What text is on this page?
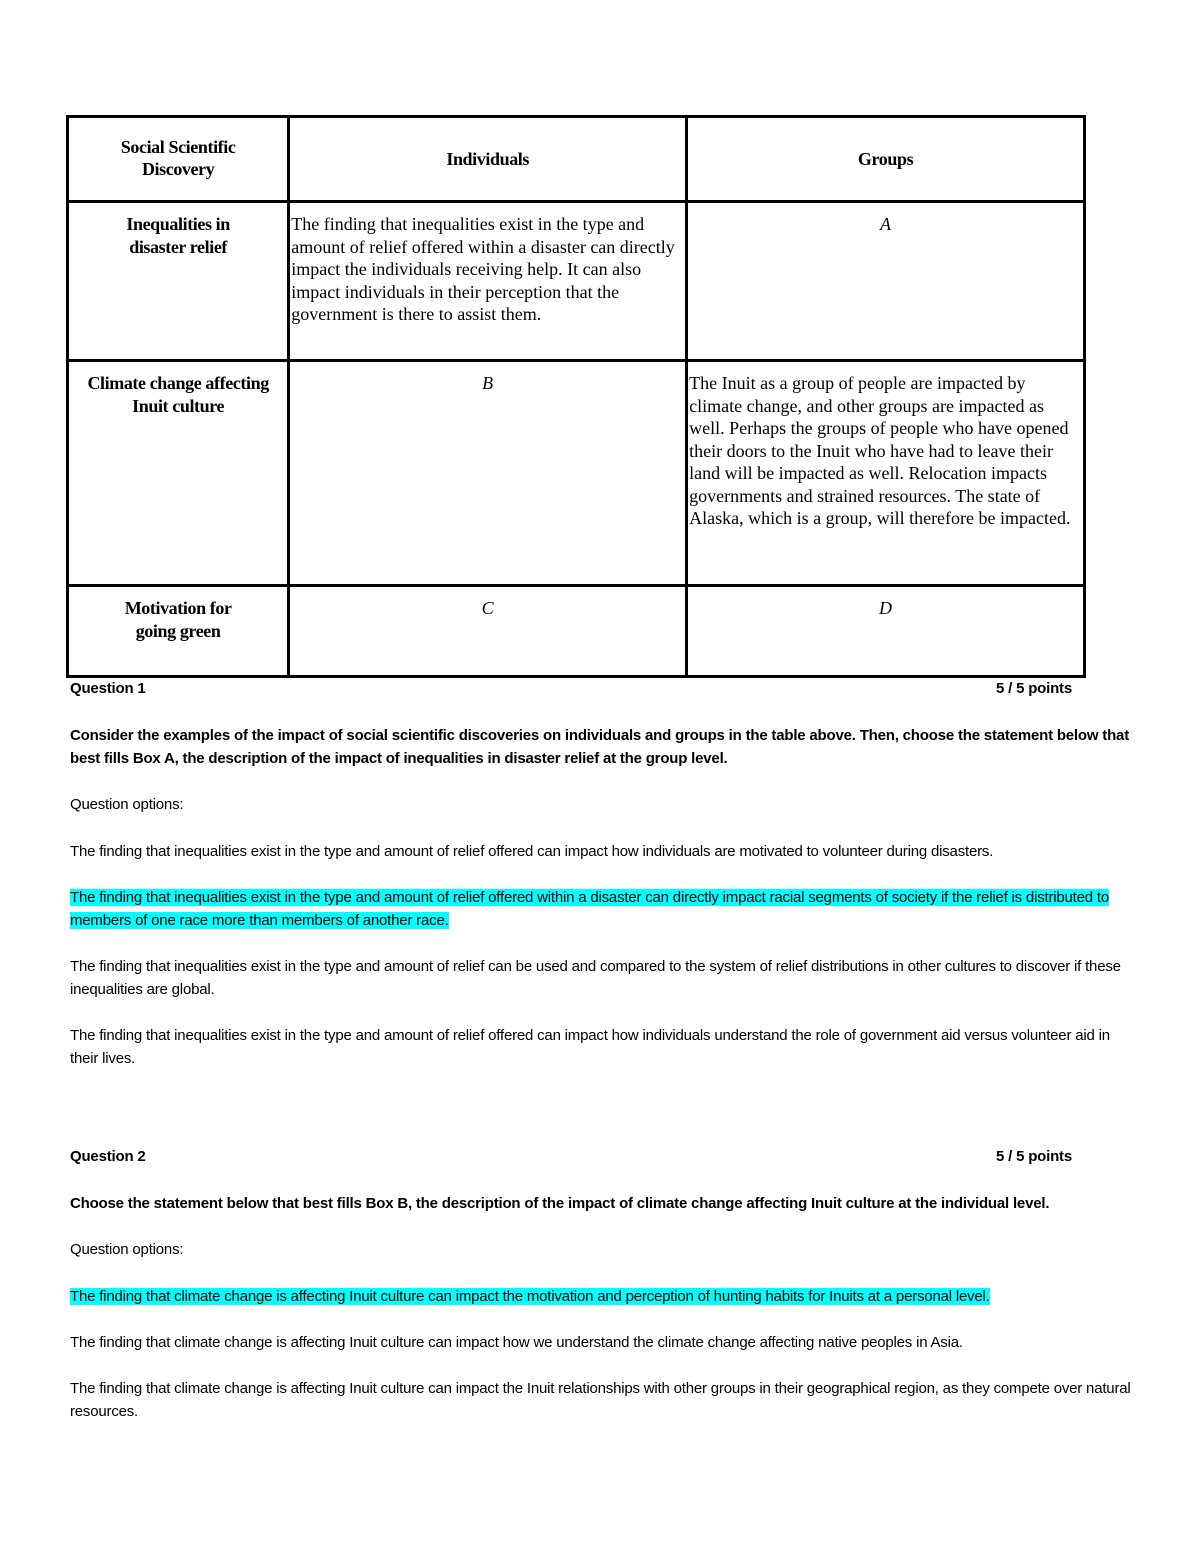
Social Scientific Discovery	Individuals	Groups
Inequalities in disaster relief	The finding that inequalities exist in the type and amount of relief offered within a disaster can directly impact the individuals receiving help. It can also impact individuals in their perception that the government is there to assist them.	A
Climate change affecting Inuit culture	B	The Inuit as a group of people are impacted by climate change, and other groups are impacted as well. Perhaps the groups of people who have opened their doors to the Inuit who have had to leave their land will be impacted as well. Relocation impacts governments and strained resources. The state of Alaska, which is a group, will therefore be impacted.
Motivation for going green	C	D
Question 1	5 / 5 points

Consider the examples of the impact of social scientific discoveries on individuals and groups in the table above. Then, choose the statement below that best fills Box A, the description of the impact of inequalities in disaster relief at the group level.

Question options:

The finding that inequalities exist in the type and amount of relief offered can impact how individuals are motivated to volunteer during disasters.

The finding that inequalities exist in the type and amount of relief offered within a disaster can directly impact racial segments of society if the relief is distributed to members of one race more than members of another race.

The finding that inequalities exist in the type and amount of relief can be used and compared to the system of relief distributions in other cultures to discover if these inequalities are global.

The finding that inequalities exist in the type and amount of relief offered can impact how individuals understand the role of government aid versus volunteer aid in their lives.

Question 2	5 / 5 points

Choose the statement below that best fills Box B, the description of the impact of climate change affecting Inuit culture at the individual level.

Question options:

The finding that climate change is affecting Inuit culture can impact the motivation and perception of hunting habits for Inuits at a personal level.

The finding that climate change is affecting Inuit culture can impact how we understand the climate change affecting native peoples in Asia.

The finding that climate change is affecting Inuit culture can impact the Inuit relationships with other groups in their geographical region, as they compete over natural resources.
